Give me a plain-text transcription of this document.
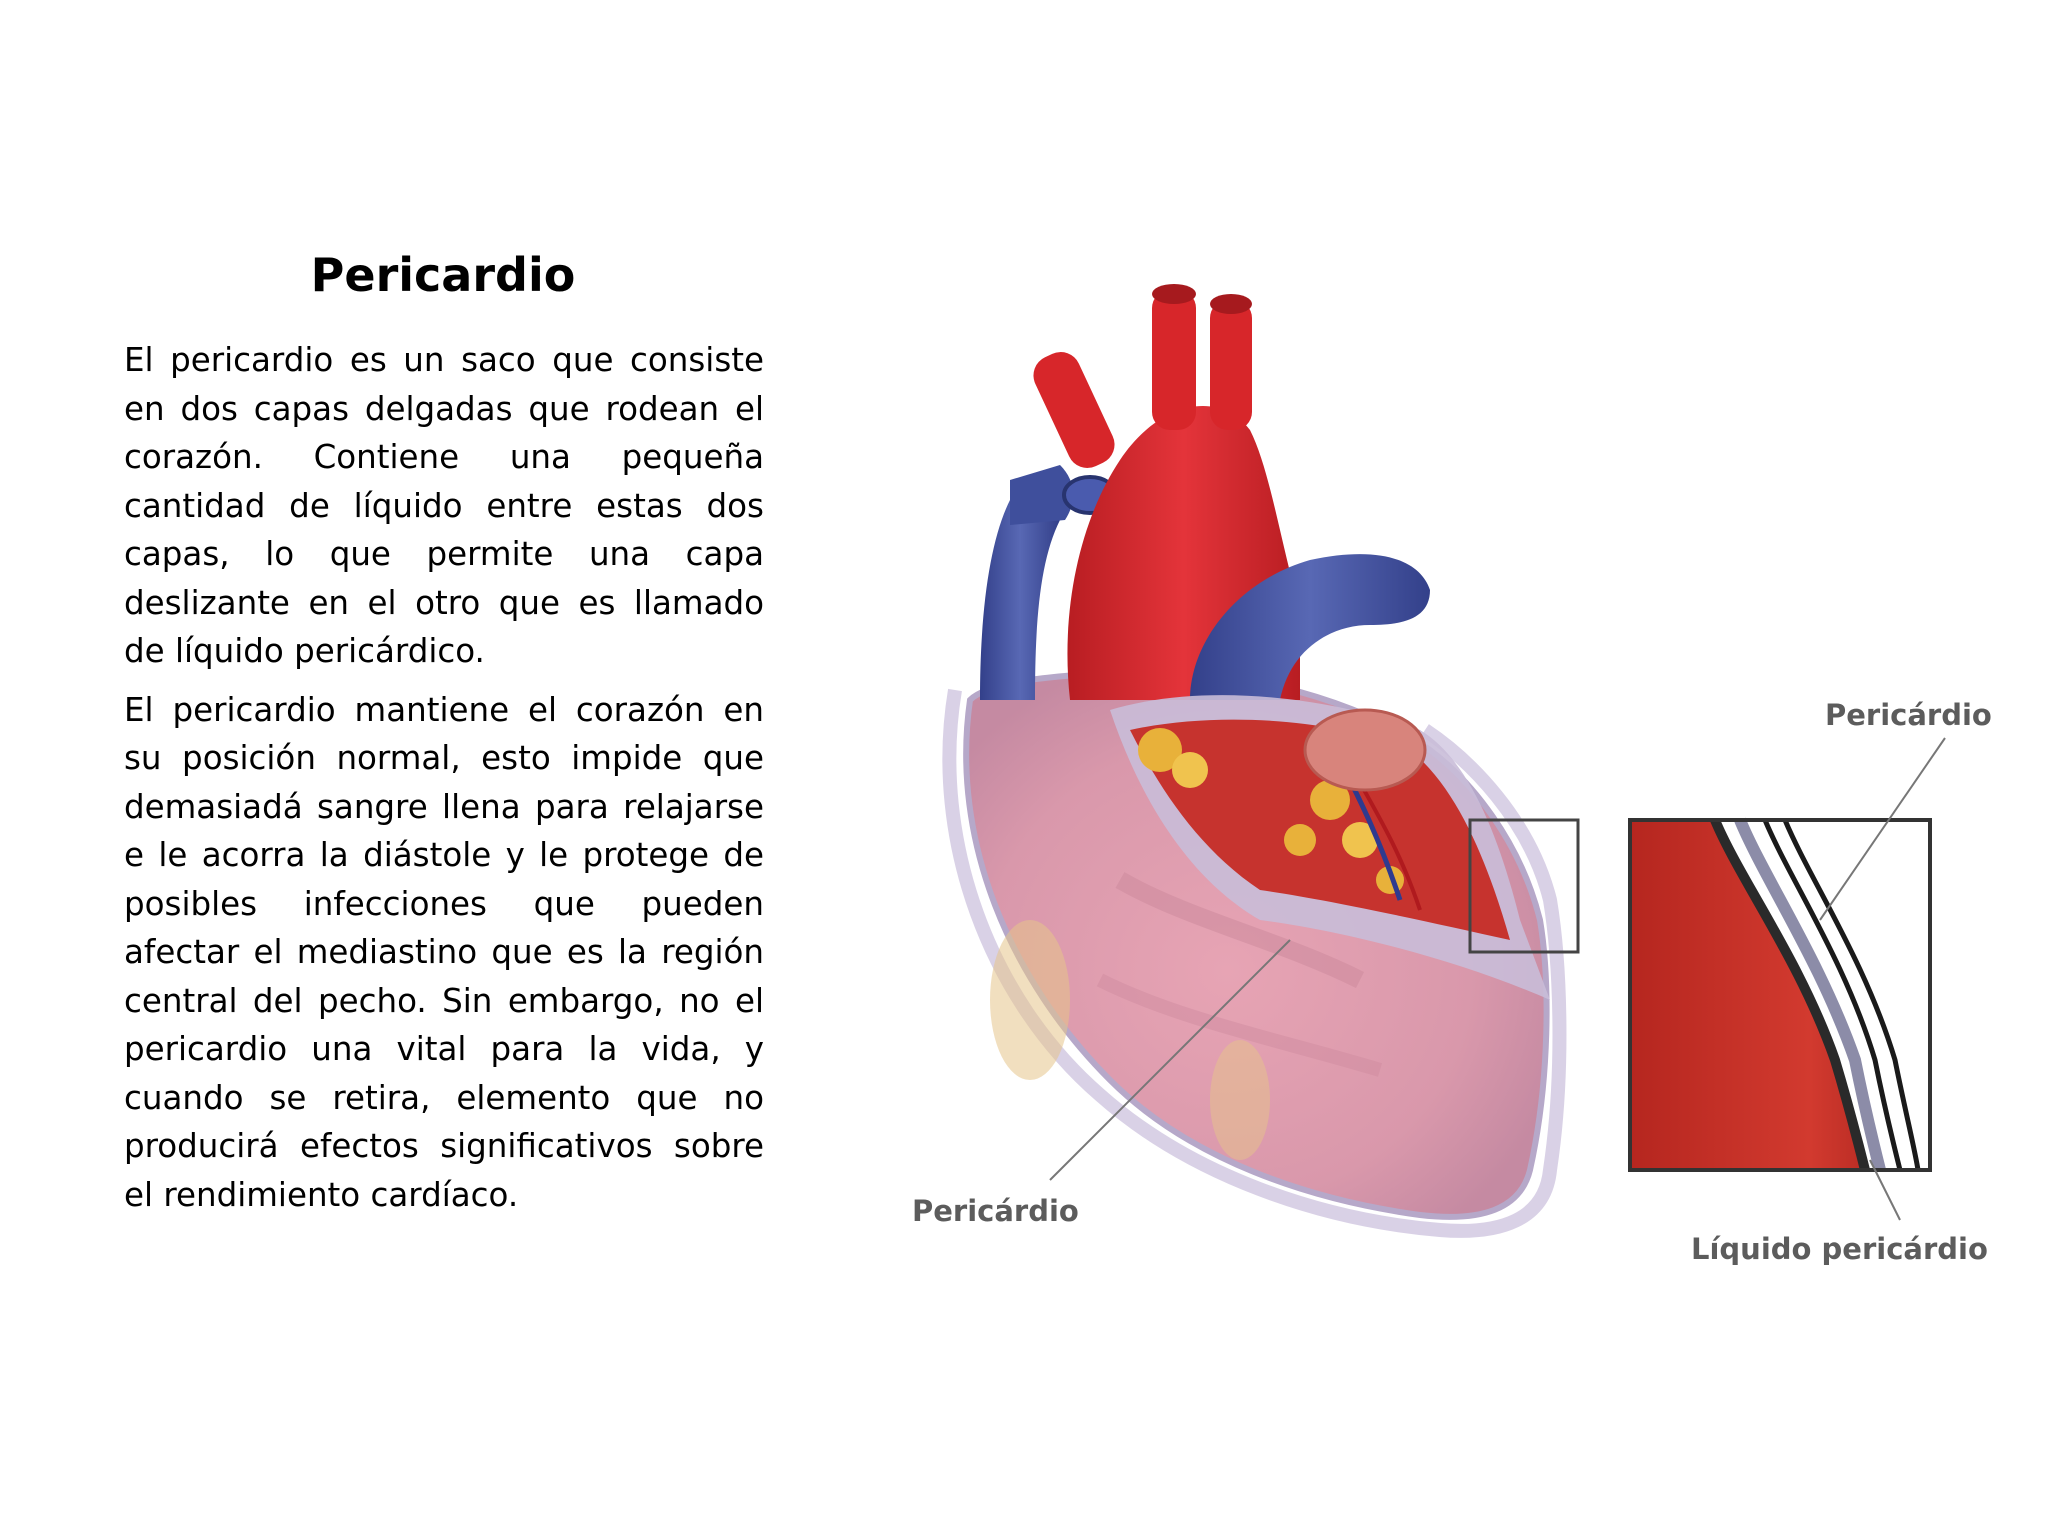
Pericardio

El pericardio es un saco que consiste en dos capas delgadas que rodean el corazón. Contiene una pequeña cantidad de líquido entre estas dos capas, lo que permite una capa deslizante en el otro que es llamado de líquido pericárdico.

El pericardio mantiene el corazón en su posición normal, esto impide que demasiadá sangre llena para relajarse e le acorra la diástole y le protege de posibles infecciones que pueden afectar el mediastino que es la región central del pecho. Sin embargo, no el pericardio una vital para la vida, y cuando se retira, elemento que no producirá efectos significativos sobre el rendimiento cardíaco.	Pericárdio
Pericárdio
Líquido pericárdio
